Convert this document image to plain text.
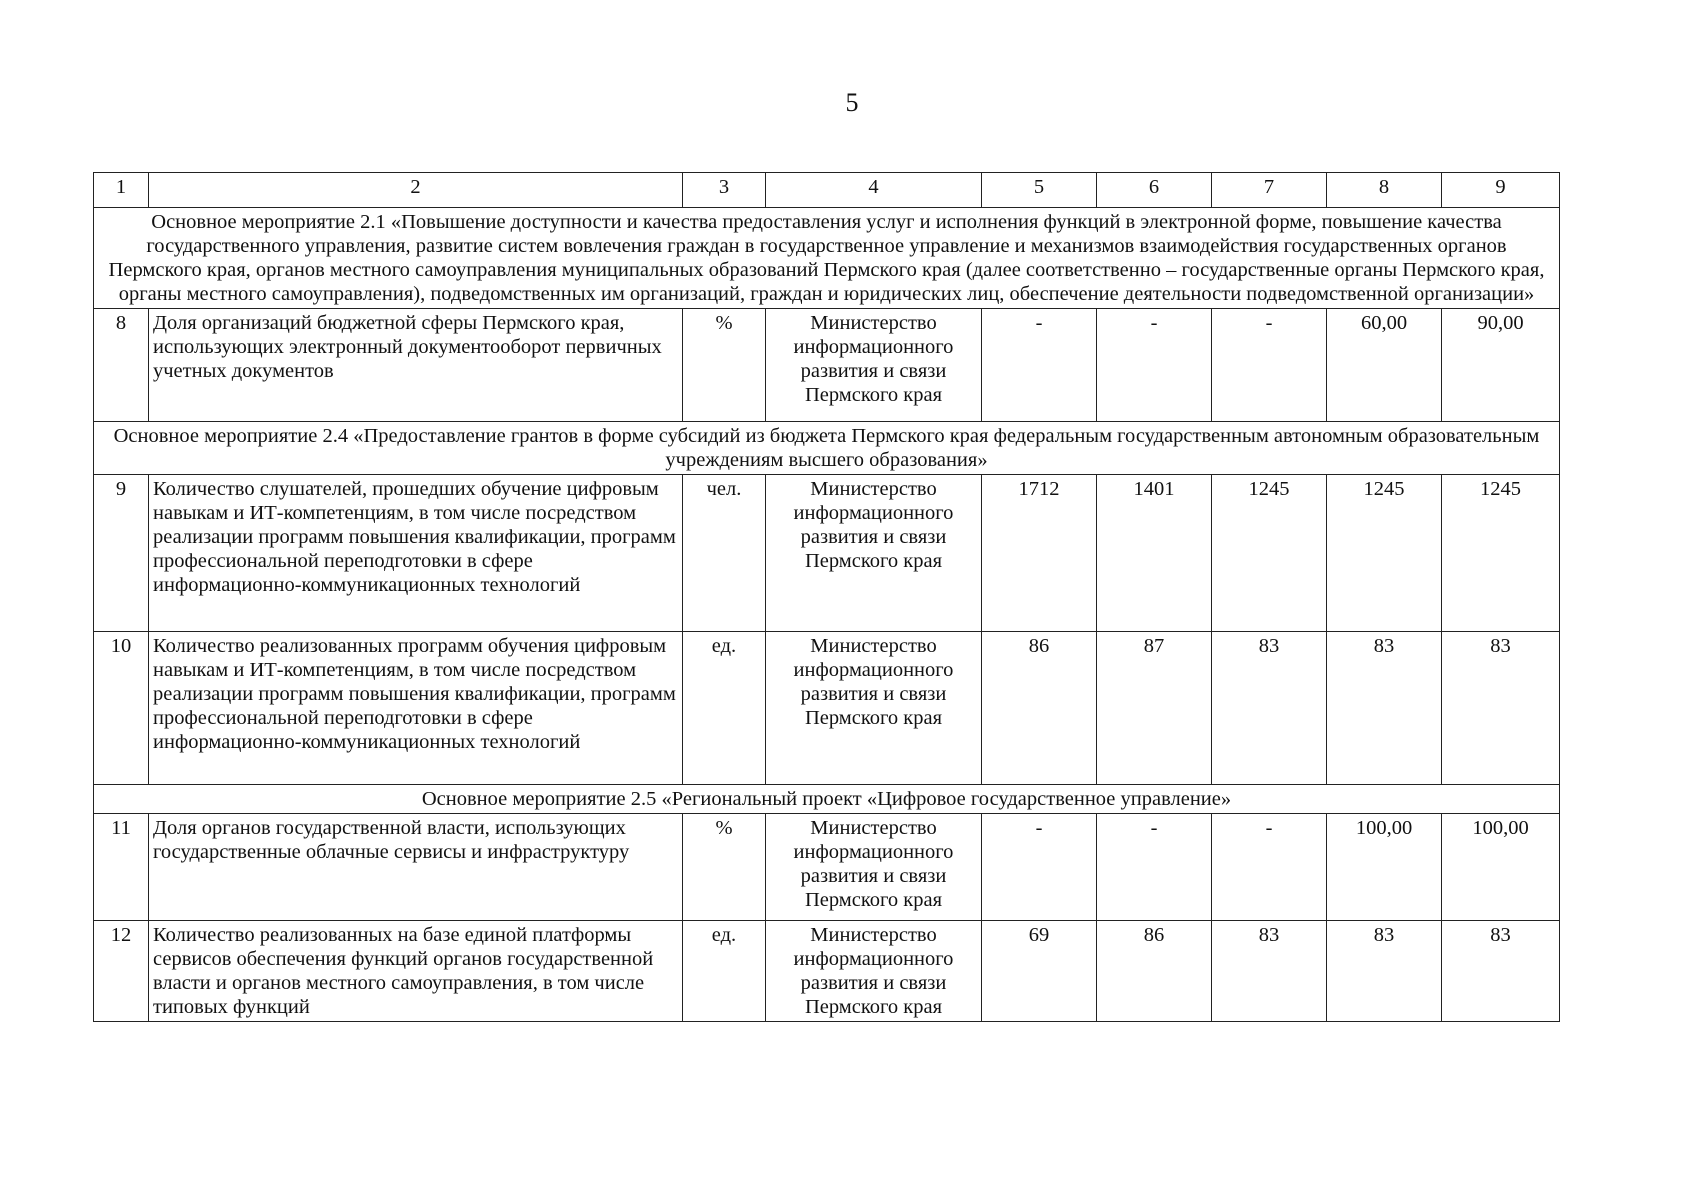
5
1	2	3	4	5	6	7	8	9
Основное мероприятие 2.1 «Повышение доступности и качества предоставления услуг и исполнения функций в электронной форме, повышение качества государственного управления, развитие систем вовлечения граждан в государственное управление и механизмов взаимодействия государственных органов Пермского края, органов местного самоуправления муниципальных образований Пермского края (далее соответственно – государственные органы Пермского края, органы местного самоуправления), подведомственных им организаций, граждан и юридических лиц, обеспечение деятельности подведомственной организации»								
8	Доля организаций бюджетной сферы Пермского края, использующих электронный документооборот первичных учетных документов	%	Министерство информационного развития и связи Пермского края	-	-	-	60,00	90,00
Основное мероприятие 2.4 «Предоставление грантов в форме субсидий из бюджета Пермского края федеральным государственным автономным образовательным учреждениям высшего образования»								
9	Количество слушателей, прошедших обучение цифровым навыкам и ИТ-компетенциям, в том числе посредством реализации программ повышения квалификации, программ профессиональной переподготовки в сфере информационно-коммуникационных технологий	чел.	Министерство информационного развития и связи Пермского края	1712	1401	1245	1245	1245
10	Количество реализованных программ обучения цифровым навыкам и ИТ-компетенциям, в том числе посредством реализации программ повышения квалификации, программ профессиональной переподготовки в сфере информационно-коммуникационных технологий	ед.	Министерство информационного развития и связи Пермского края	86	87	83	83	83
Основное мероприятие 2.5 «Региональный проект «Цифровое государственное управление»								
11	Доля органов государственной власти, использующих государственные облачные сервисы и инфраструктуру	%	Министерство информационного развития и связи Пермского края	-	-	-	100,00	100,00
12	Количество реализованных на базе единой платформы сервисов обеспечения функций органов государственной власти и органов местного самоуправления, в том числе типовых функций	ед.	Министерство информационного развития и связи Пермского края	69	86	83	83	83
